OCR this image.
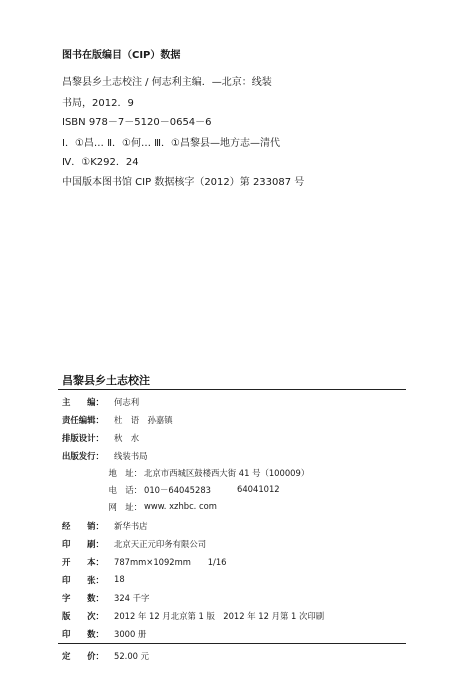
图书在版编目（CIP）数据
昌黎县乡土志校注 / 何志利主编．—北京：线装
书局，2012．9
ISBN 978－7－5120－0654－6
Ⅰ．①昌… Ⅱ．①何… Ⅲ．①昌黎县—地方志—清代
Ⅳ．①K292．24
中国版本图书馆 CIP 数据核字（2012）第 233087 号
昌黎县乡土志校注
主　　编：	何志利
责任编辑：	杜　语　孙嘉镇
排版设计：	秋　水
出版发行：	线装书局
地　址： 北京市西城区鼓楼西大街 41 号（100009）
电　话： 010－64045283	64041012
网　址： www. xzhbc. com
经　　销：	新华书店
印　　刷：	北京天正元印务有限公司
开　　本：	787mm×1092mm　　1/16
印　　张：	18
字　　数：	324 千字
版　　次：	2012 年 12 月北京第 1 版　2012 年 12 月第 1 次印刷
印　　数：	3000 册
定　　价：	52.00 元
